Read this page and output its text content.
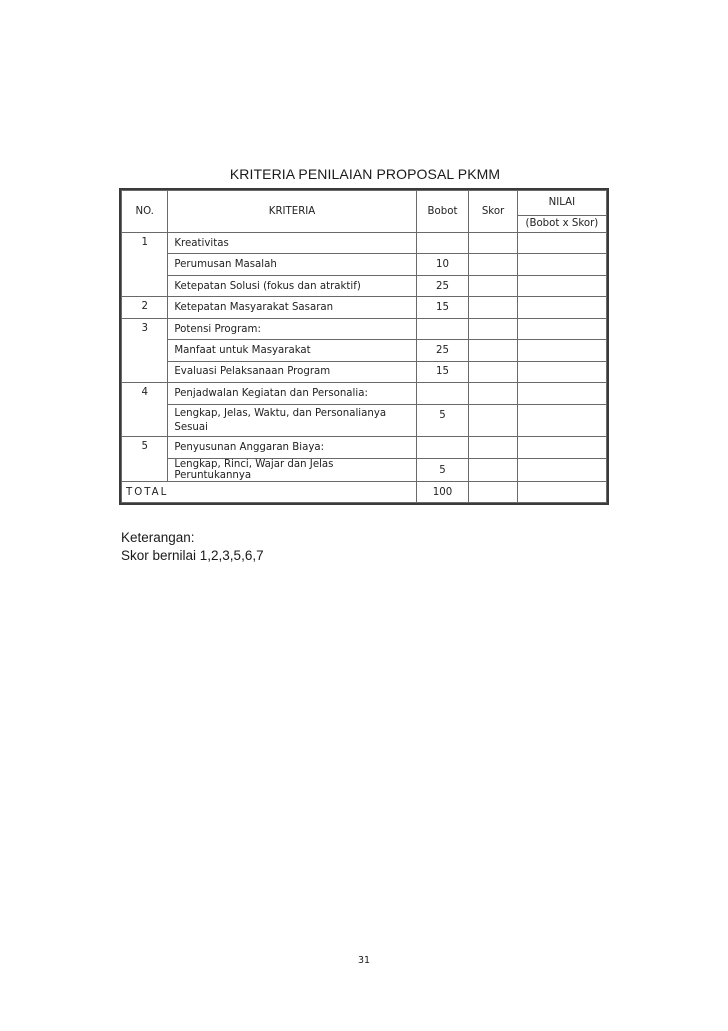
KRITERIA PENILAIAN PROPOSAL PKMM
NO.	KRITERIA	Bobot	Skor	NILAI
				(Bobot x Skor)
1	Kreativitas			
	Perumusan Masalah	10		
	Ketepatan Solusi (fokus dan atraktif)	25		
2	Ketepatan Masyarakat Sasaran	15		
3	Potensi Program:			
	Manfaat untuk Masyarakat	25		
	Evaluasi Pelaksanaan Program	15		
4	Penjadwalan Kegiatan dan Personalia:			
	Lengkap, Jelas, Waktu, dan Personalianya Sesuai	5		
5	Penyusunan Anggaran Biaya:			
	Lengkap, Rinci, Wajar dan Jelas Peruntukannya	5		
TOTAL		100		
Keterangan:
Skor bernilai 1,2,3,5,6,7
31
